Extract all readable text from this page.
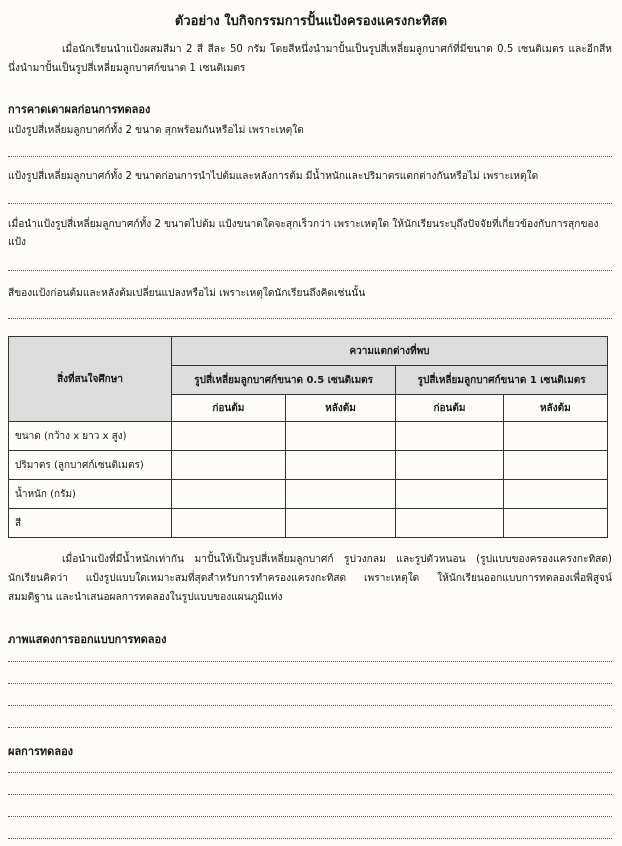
ตัวอย่าง ใบกิจกรรมการปั้นแป้งครองแครงกะทิสด
เมื่อนักเรียนนำแป้งผสมสีมา 2 สี สีละ 50 กรัม โดยสีหนึ่งนำมาปั้นเป็นรูปสี่เหลี่ยมลูกบาศก์ที่มีขนาด 0.5 เซนติเมตร และอีกสีหนึ่งนำมาปั้นเป็นรูปสี่เหลี่ยมลูกบาศก์ขนาด 1 เซนติเมตร
การคาดเดาผลก่อนการทดลอง
แป้งรูปสี่เหลี่ยมลูกบาศก์ทั้ง 2 ขนาด สุกพร้อมกันหรือไม่ เพราะเหตุใด
แป้งรูปสี่เหลี่ยมลูกบาศก์ทั้ง 2 ขนาดก่อนการนำไปต้มและหลังการต้ม มีน้ำหนักและปริมาตรแตกต่างกันหรือไม่ เพราะเหตุใด
เมื่อนำแป้งรูปสี่เหลี่ยมลูกบาศก์ทั้ง 2 ขนาดไปต้ม แป้งขนาดใดจะสุกเร็วกว่า เพราะเหตุใด ให้นักเรียนระบุถึงปัจจัยที่เกี่ยวข้องกับการสุกของแป้ง
สีของแป้งก่อนต้มและหลังต้มเปลี่ยนแปลงหรือไม่ เพราะเหตุใดนักเรียนถึงคิดเช่นนั้น
สิ่งที่สนใจศึกษา	ความแตกต่างที่พบ			
	รูปสี่เหลี่ยมลูกบาศก์ขนาด 0.5 เซนติเมตร		รูปสี่เหลี่ยมลูกบาศก์ขนาด 1 เซนติเมตร	
	ก่อนต้ม	หลังต้ม	ก่อนต้ม	หลังต้ม
ขนาด (กว้าง x ยาว x สูง)				
ปริมาตร (ลูกบาศก์เซนติเมตร)				
น้ำหนัก (กรัม)				
สี				
เมื่อนำแป้งที่มีน้ำหนักเท่ากัน มาปั้นให้เป็นรูปสี่เหลี่ยมลูกบาศก์ รูปวงกลม และรูปตัวหนอน (รูปแบบของครองแครงกะทิสด) นักเรียนคิดว่า แป้งรูปแบบใดเหมาะสมที่สุดสำหรับการทำครองแครงกะทิสด เพราะเหตุใด ให้นักเรียนออกแบบการทดลองเพื่อพิสูจน์สมมติฐาน และนำเสนอผลการทดลองในรูปแบบของแผนภูมิแท่ง
ภาพแสดงการออกแบบการทดลอง
ผลการทดลอง
